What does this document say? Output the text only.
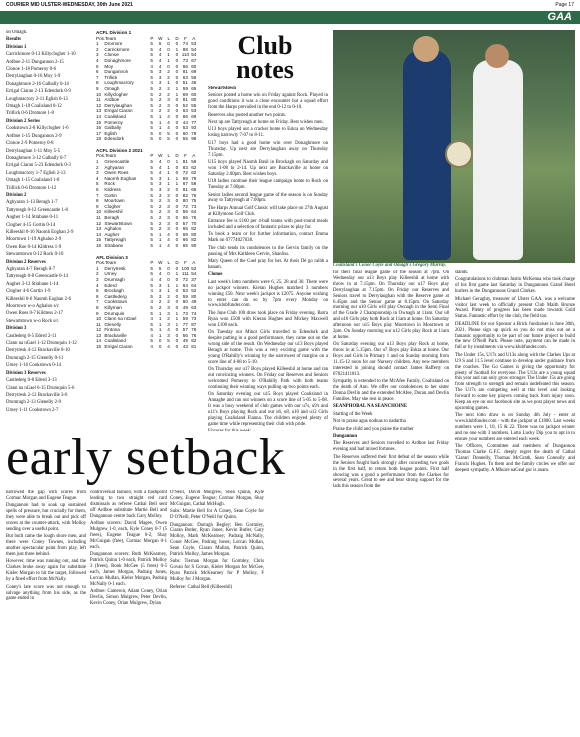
COURIER MID ULSTER-WEDNESDAY, 30th June 2021	Page 17
GAA

on Omagh.

Results

Division 1

Carrickmore 0-13 Killyclogher 1-10

Ardboe 2-11 Dungannon 2-15

Clonoe 1-18 Pomeroy 0-6

Derrylaughan 0-16 Moy 1-9

Donaghmore 2-16 Galbally 0-14

Errigal Ciaran 2-13 Edendork 0-9

Loughmacrory 2-11 Eglish 0-13

Omagh 1-10 Coalisland 0-12

Trillick 0-6 Dromore 1-8

Division 2 Series

Cookstown 2-8 Killyclogher 1-6

Ardboe 1-15 Dungannon 2-9

Clonoe 2-9 Pomeroy 0-8

Derrylaughan 1-11 Moy 5-5

Donaghmore 3-12 Galbally 0-7

Errigal Ciaran 5-23 Edendork 0-3

Loughmacrory 1-7 Eglish 2-13

Omagh 1-15 Coalisland 1-8

Trillick 0-6 Dromore 1-12

Division 2

Aghyaran 1-13 Beragh 1-7

Tattyreagh 0-12 Greencastle 1-8

Augher 1-14 Strabane 0-11

Clogher 4-15 Gortin 0-14

Killeeshil 0-16 Naomh Eoghan 2-9

Moortown 1-19 Aghaloo 2-9

Owen Roe 0-14 Kildress 1-9

Stewartstown 0-12 Rock 0-10

Division 2 Reserves

Aghyaran 4-7 Beragh 0-7

Tattyreagh 0-8 Greencastle 0-14

Augher 3-12 Strabane 1-14

Clogher 4-6 Gortin 1-9

Killeeshil 0-6 Naomh Eoghan 2-6

Moortown w-o Aghaloo s/c

Owen Roes 0-7 Kildress 2-17

Stewartstown w-o Rock s/c

Division 3

Castlederg 0-5 Ederd 2-11

Clann na nGael 1-12 Drumquin 1-12

Derrytresk 4-12 Brackaville 0-10

Drumragh 2-15 Glenelly 0-11

Urney 1-16 Cookstown 0-14

Division 3 Reserves

Castlederg 0-8 Ederd 3-13

Clann na nGael 6-15 Drumquin 5-6

Derrytresk 2-12 Brackaville 3-6

Drumragh 2-13 Glenelly 2-9

Urney 1-11 Cookstown 2-7

ACFL Division 1
Pos. Team	P	W	L	D	F	A
1	Dromore	5	5	0	0 74 53
2	Carrickmore	5	4	0	1 88 54
3	Clonoe	5	4	1	0 110 54
4	Donaghmore	5	4	1	0 73 67
5	Moy	4	4	0	0 66 60
6	Dungannon	5	3	2	0 81 69
7	Trillick	5	3	2	0 63 56
8	Loughmacrory	4	3	1	0 51 46
9	Omagh	5	2	2	1 59 65
10 Killyclogher	5	2	2	1 69 60
11 Ardboe	5	2	3	0 81 80
12 Derrylaughan	5	2	3	0 52 55
13 Errigal Ciaran	4	2	2	0 63 53
14 Coalisland	5	1	4	0 66 69
15 Pomeroy	5	1	4	0 44 77
16 Galbally	5	1	4	0 53 93
17 Eglish	5	0	5	0 60 79
18 Edendork	5	0	5	0 55 98
ACFL Division 2 2021
Pos. Team	P	W	L	D	F	A
1	Greencastle	5	4	0	1 81 56
2	Aghyaran	5	4	1	0 83 62
3	Owen Roes	5	4	1	0 72 62
4	Naomh Eoghan	5	3	1	1 69 79
5	Rock	5	3	1	1 67 59
6	Kildress	5	3	2	0 81 65
7	Gortin	5	3	2	0 82 76
8	Moortown	5	2	3	0 80 75
9	Clogher	5	2	3	0 72 73
10 Killeeshil	5	2	3	0 56 64
11 Beragh	5	2	3	0 66 76
12 Stewartstown	5	2	3	0 57 70
13 Aghaloo	5	2	3	0 65 82
14 Augher	5	1	4	0 69 80
15 Tattyreagh	5	1	4	0 66 82
16 Strabane	5	1	4	0 65 90
AFL Division 3
Pos. Team	P	W	L	D	F	A
1	Derrytresk	5	5	0	0 100 52
2	Urney	5	4	0	1 111 54
3	Drumragh	4	4	0	0 72 37
4	Ederd	5	3	1	1 64 64
5	Brockagh	4	3	1	0 53 52
6	Castlederg	5	3	2	0 59 80
7	Cookstown	4	2	2	0 60 49
8	Killyman	5	2	3	0 49 63
9	Drumquin	5	1	3	1 73 74
10 Clann na nGael	4	1	2	1 59 73
11 Glenelly	5	1	3	1 77 87
12 Fintona	5	1	4	0 57 76
13 Brackaville	4	1	3	0 56 76
14 Coalisland	5	0	5	0 49 82
15 Errigal Ciaran	4	0	4	0 43 81
Club notes

Stewartstown

Seniors posted a home win on Friday against Rock. Played in good conditions it was a close encounter but a squad effort from the Harps prevailed in the end 0-12 to 0-10.

Reserves also posted another two points.

Next up are Tattyreagh at home on Friday. Best wishes men.

U13 boys played out a cracker home to Eskra on Wednesday losing narrowly 7-07 to 8-11.

U17 boys had a good home win over Donaghmore on Thursday. Up next are Derrylaughan away on Thursday 7.15pm.

U15 boys played Naomh Basil in Brockagh on Saturday and won 1-08 to 2-14. Up next are Brackaville at home on Saturday 2.00pm. Best wishes boys.

U18 ladies continue their league campaign home to Rock on Tuesday at 7.00pm.

Senior ladies second league game of the season is on Sunday away to Tattyreagh at 7.00pm.

The Harps Annual Golf Classic will take place on 27th August at Killymoon Golf Club.

Entrance fee is £160 per 4-ball teams with post-round meals included and a selection of fantastic prizes to play for.

To book a team or for further information, contact Emma Mark on 07774027038.

The club sends its condolences to the Gervin family on the passing of Mrs Kathleen Gervin, Shanliss.

Mary Queen of the Gael pray for her. At thois Dé go raibh a hanam.

Clonoe

Last week's lotto numbers were 6, 25, 28 and 30. There were no jackpot winners. Kieran Hughes matched 3 numbers winning £50. Next week's jackpot is £2075. Anyone wishing to enter can do so by 7pm every Monday on www.klubfunder.com.

The June Club 100 draw took place on Friday evening. Barra Ryan won £500 with Kieran Hughes and Mickey Maxwell won £100 each.

On Tuesday our Minor Girls travelled to Edendork and despite putting in a good performance, they came out on the wrong side of the result. On Wednesday our u13 Boys played Beragh at home. This was a very exciting game with the young O'Rahilly's winning by the narrowest of margins on a score line of 4-08 to 5-10.

On Thursday our u17 Boys played Killeeshil at home and ran out convincing winners. On Friday our Reserves and Seniors welcomed Pomeroy to O'Rahilly Park with both teams continuing their winning ways pulling up two points each.

On Saturday evening our u15 Boys played Coalisland in Annaghe and ran out winners on a score line of 5-05 to 5-08. It was a busy weekend of club games with our u7s, u9's and u11's Boys playing Rock and our u6, u8, u10 and u12 Girls playing Coalisland Fianna. The children enjoyed plenty of game time while representing their club with pride.

Coalisland's Conor Coyle and Omagh's Gregory Murray.

for their final league game of the season at 7pm. On Wednesday our u13 Boys play Killeeshil at home with throw in at 7.15pm. On Thursday our u17 Boys play Derrylaughan at 7.15pm. On Friday our Reserves and Seniors travel to Derrylaughan with the Reserve game at 6.45pm and the Senior game at 8.15pm. On Saturday morning our u10 Girls will play Ownagh in the Semi Final of the Grade 2 Championship in Ownagh at 11am. Our u8 and u10 Girls play both Rock at 11am at home. On Saturday afternoon our u15 Boys play Moortown in Moortown at 2pm. On Sunday morning our u12 Girls play Rock at 11am at home.

On Saturday evening our u13 Boys play Rock at home, throw in at 5.15pm. Our u7 Boys play Eskra at home. Our Boys and Girls in Primary 1 and on Sunday morning from 11.15-12 noon for our Nursery children. Any new members interested in joining should contact James Rafferty on 07821411813.

Sympathy is extended to the McAfee Family, Coalisland on the death of Ann. We offer our condolences to her sister Donna Devlin and the extended McAfee, Doran and Devlin Families. May she rest in peace.

SEANPHOBAL NA SEANCHOINE

Starting of the Week

Not in praise agus nodnas ro nadurtha

Praise the child and you praise the mother

Dungannon

The Reserves and Seniors travelled to Ardboe last Friday evening and had mixed fortunes.

The Reserves suffered their first defeat of the season while the Seniors fought back strongly after conceding two goals in the first half, to return both league points. First half showing was a good a performance from the Clarkes for several years. Great to see and hear strong support for the lads this season from the

stands.

Congratulations to clubman Justin McKenna who took charge of his first game last Saturday in Dungannons Grand Hotel hurlers in the Dungannons Grand Clarkes.

Michael Geraghty, treasurer of Ulster GAA, was a welcome visitor last week to officially present Club Maith Bronze Award. Plenty of progress has been made towards Gold Status. Fantastic effort by the club, the field too.

DEADLINE for our Sponsor a Brick fundraiser is June 30th, 2021. Please sign up quick so you do not miss out on a fantastic opportunity to be part of our future project to build the new O'Neill Park. Please note, payment can be made in full or by instalments via www.klubfunder.com.

The Under 15s, U17s and U13s along with the Clarkes Ups at U9 S and 11.5 level continue to develop under guidance from the coaches. The Go Games is giving the opportunity for plenty of football for everyone. The U13s are a young squad this year and can only grow stronger. The Under 15s are going from strength to strength and remain undefeated this season. The U17s are competing well at this level and looking forward to some key players coming back from injury soon. Keep an eye on our facebook site as we post player news and upcoming games.

The next lotto draw is on Sunday 4th July - enter at www.klubfunder.com - with the jackpot at £1800. Last weeks numbers were 1, 10, 15 & 22. There was no jackpot winner and no one with 3 numbers. Lotto Lucky Dip you to opt in to ensure your numbers are entered each week.

The Officers, Committee and members of Dungannon Thomas Clarke G.F.C. deeply regret the death of Cathal 'Ciaran' Donnelly, Thomas McGrath, Sean Connolly and Francis Hughes. To them and the family circles we offer our deepest sympathy. A Mhuire naGeal gur is anam.

early setback

narrowed the gap with scores from Cormac Morgan and Eugene Teague.

Dungannon had to soak up sustained spells of pressure, but crucially for them, they were able to break out and pick off scores at the counter-attack, with Molloy sending over a useful point.

But built came the lough shore men, and there were Coney Townes, including another spectacular point from play, left them just three behind.

However, time was running out, and the Clarkes broke away again for substitute Kieler Morgan to hit the target, followed by a fined effort from McNally.

Coney's late score was not enough to salvage anything from his side, as the game ended in

controversial fashion, with a flashpoint leading to two straight red card dismissals as referee Cathal Bell sent off Ardboe substitute Martie Bell and Dungannon centre back Gary Molloy.

Ardboe scorers: David Magee, Owen Mulgrew 1-0, each, Kyle Coney 0-7 (5 frees), Eugene Teague 0-2, Shay McGuigan (free), Cormac Morgan 0-1 each.

Dungannon scorers: Ruth McKearney, Patrick Quinn 1-0 each, Patrick Molloy 3 (frees), Rook McGee (5 frees) 0-5 each, James Morgan, Padraig Jones, Lorcan Mullan, Kieler Morgan, Padraig McNally 0-1 each.

Ardboe: Cameron, Adam Coney, Orian Devlin, Simon Mulgrew, Peter Devlin, Kevin Coney, Orian Mulgrew, Dylan

O'Neill, David Mulgrew, Shea Quinn, Kyle Coney, Eugene Teague; Cormac Morgan, Shay McGuigan, Cathal McHugh.

Subs: Martie Bell for A Coney, Sean Coyle for D O'Neill, Peter O'Neill for Quinn.

Dungannon: Darragh Begley; Ben Gormley, Ciaran Butler, Ryan Jones; Kevin Butler, Gary Molloy, Mark McKearney; Padraig McNally, Conor McGee, Padraig Jones; Lorcan Mullan, Sean Coyle, Ciaran Mullan, Patrick Quinn, Patrick Molloy, James Morgan.

Subs: Tiernan Morgan for Gormley, Chris Govan for S Govan, Kieler Morgan for McGee, Ryan Patrick McKearney for P Molloy, F Molloy for J Morgan.

Referee: Cathal Bell (Killeeshil)
